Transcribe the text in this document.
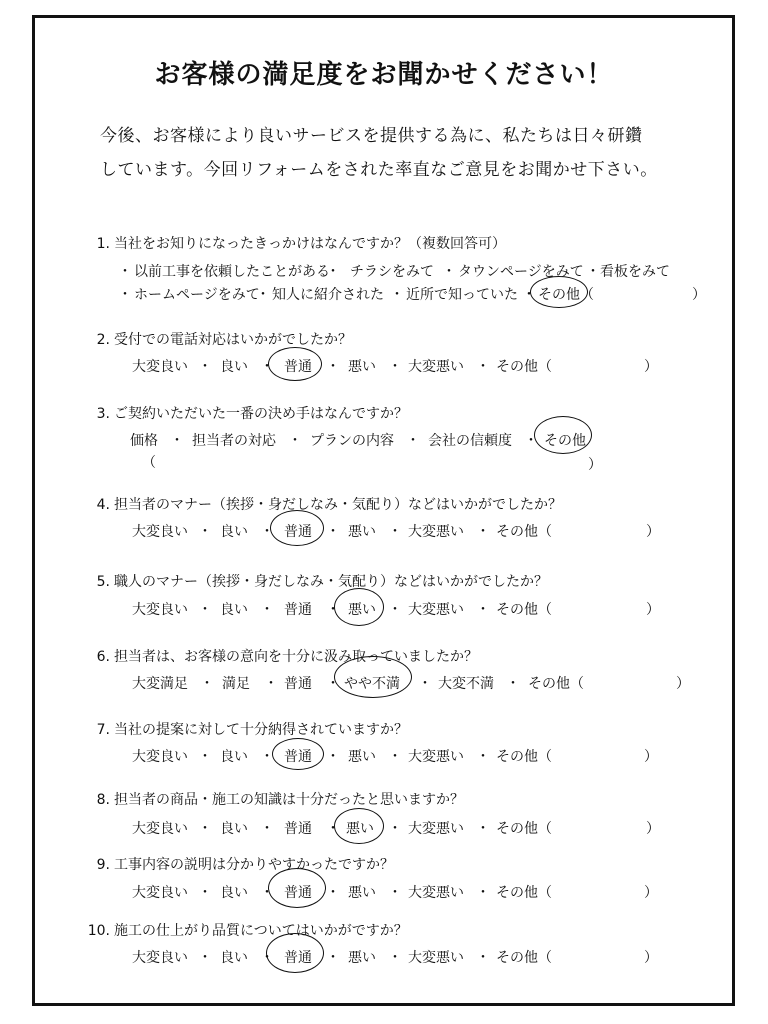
お客様の満足度をお聞かせください！
今後、お客様により良いサービスを提供する為に、私たちは日々研鑽
しています。今回リフォームをされた率直なご意見をお聞かせ下さい。
1. 当社をお知りになったきっかけはなんですか？（複数回答可）
・ 以前工事を依頼したことがある
・ チラシをみて ・ タウンページをみて ・ 看板をみて
・ ホームページをみて
・ 知人に紹介された ・ 近所で知っていた ・ その他（	）
2. 受付での電話対応はいかがでしたか？
大変良い ・ 良い ・ 普通 ・ 悪い ・ 大変悪い ・ その他（	）
3. ご契約いただいた一番の決め手はなんですか？
価格 ・ 担当者の対応 ・ プランの内容 ・ 会社の信頼度 ・ その他
（	）
4. 担当者のマナー（挨拶・身だしなみ・気配り）などはいかがでしたか？
大変良い ・ 良い ・ 普通 ・ 悪い ・ 大変悪い ・ その他（	）
5. 職人のマナー（挨拶・身だしなみ・気配り）などはいかがでしたか？
大変良い ・ 良い ・ 普通 ・ 悪い ・ 大変悪い ・ その他（	）
6. 担当者は、お客様の意向を十分に汲み取っていましたか？
大変満足 ・ 満足 ・ 普通 ・ やや不満 ・ 大変不満 ・ その他（	）
7. 当社の提案に対して十分納得されていますか？
大変良い ・ 良い ・ 普通 ・ 悪い ・ 大変悪い ・ その他（	）
8. 担当者の商品・施工の知識は十分だったと思いますか？
大変良い ・ 良い ・ 普通 ・ 悪い ・ 大変悪い ・ その他（	）
9. 工事内容の説明は分かりやすかったですか？
大変良い ・ 良い ・ 普通 ・ 悪い ・ 大変悪い ・ その他（	）
10. 施工の仕上がり品質についてはいかがですか？
大変良い ・ 良い ・ 普通 ・ 悪い ・ 大変悪い ・ その他（	）
